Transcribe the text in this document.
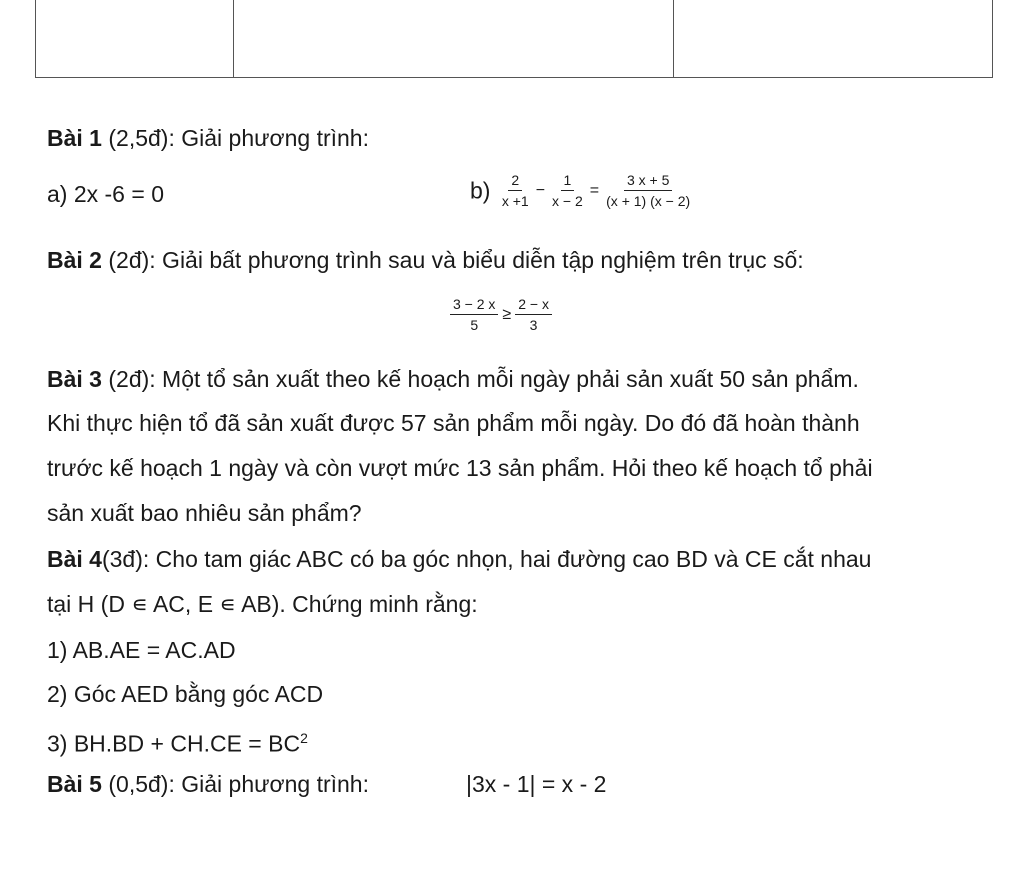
Bài 1 (2,5đ): Giải phương trình:
a) 2x -6 = 0	$b) \frac{2}{x +1} - \frac{1}{x - 2} = \frac{3 x + 5}{(x + 1) (x - 2)}$
Bài 2 (2đ): Giải bất phương trình sau và biểu diễn tập nghiệm trên trục số:
$\frac{3 - 2 x}{5} \ge \frac{2 - x}{3}$
Bài 3 (2đ): Một tổ sản xuất theo kế hoạch mỗi ngày phải sản xuất 50 sản phẩm.
Khi thực hiện tổ đã sản xuất được 57 sản phẩm mỗi ngày. Do đó đã hoàn thành
trước kế hoạch 1 ngày và còn vượt mức 13 sản phẩm. Hỏi theo kế hoạch tổ phải
sản xuất bao nhiêu sản phẩm?
Bài 4(3đ): Cho tam giác ABC có ba góc nhọn, hai đường cao BD và CE cắt nhau
tại H (D ∊ AC, E ∊ AB). Chứng minh rằng:
1) AB.AE = AC.AD
2) Góc AED bằng góc ACD
3) $BH.BD + CH.CE = BC^2$
Bài 5 (0,5đ): Giải phương trình:	|3x - 1| = x - 2
